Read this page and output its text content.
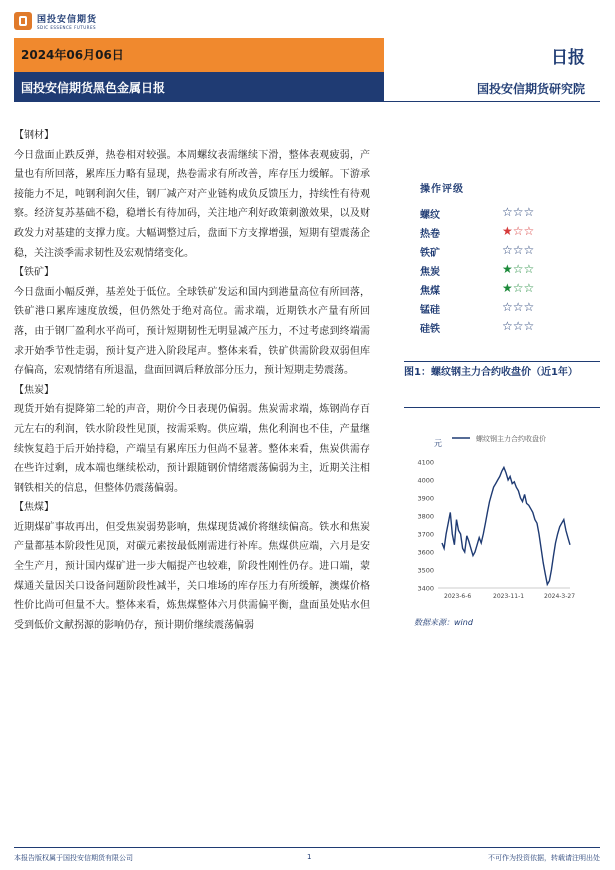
国投安信期货
SDIC ESSENCE FUTURES
2024年06月06日	日报
国投安信期货黑色金属日报	国投安信期货研究院
【钢材】

今日盘面止跌反弹，热卷相对较强。本周螺纹表需继续下滑，整体表观疲弱，产量也有所回落，累库压力略有显现，热卷需求有所改善，库存压力缓解。下游承接能力不足，吨钢利润欠佳，钢厂减产对产业链构成负反馈压力，持续性有待观察。经济复苏基础不稳，稳增长有待加码，关注地产利好政策刺激效果，以及财政发力对基建的支撑力度。大幅调整过后，盘面下方支撑增强，短期有望震荡企稳，关注淡季需求韧性及宏观情绪变化。

【铁矿】

今日盘面小幅反弹，基差处于低位。全球铁矿发运和国内到港量高位有所回落，铁矿港口累库速度放缓，但仍然处于绝对高位。需求端，近期铁水产量有所回落，由于钢厂盈利水平尚可，预计短期韧性无明显减产压力，不过考虑到终端需求开始季节性走弱，预计复产进入阶段尾声。整体来看，铁矿供需阶段双弱但库存偏高，宏观情绪有所退温，盘面回调后释放部分压力，预计短期走势震荡。

【焦炭】

现货开始有提降第二轮的声音，期价今日表现仍偏弱。焦炭需求端，炼钢尚存百元左右的利润，铁水阶段性见顶，按需采购。供应端，焦化利润也不佳，产量继续恢复趋于后开始持稳，产端呈有累库压力但尚不显著。整体来看，焦炭供需存在些许过剩，成本端也继续松动，预计跟随钢价情绪震荡偏弱为主，近期关注相钢铁相关的信息，但整体仍震荡偏弱。

【焦煤】

近期煤矿事故再出，但受焦炭弱势影响，焦煤现货减价将继续偏高。铁水和焦炭产量都基本阶段性见顶，对碳元素按最低刚需进行补库。焦煤供应端，六月是安全生产月，预计国内煤矿进一步大幅提产也较难，阶段性刚性仍存。进口端，蒙煤通关量因关口设备问题阶段性减半，关口堆场的库存压力有所缓解，澳煤价格性价比尚可但量不大。整体来看，炼焦煤整体六月供需偏平衡，盘面虽处贴水但受到低价文献拐源的影响仍存，预计期价继续震荡偏弱

操作评级
螺纹	☆☆☆
热卷	★☆☆
铁矿	☆☆☆
焦炭	★☆☆
焦煤	★☆☆
锰硅	☆☆☆
硅铁	☆☆☆
图1：螺纹钢主力合约收盘价（近1年）
螺纹钢主力合约收盘价
元
3400
3500
3600
3700
3800
3900
4000
4100
2023-6-6	2023-11-1	2024-3-27
数据来源：wind
本报告版权属于国投安信期货有限公司	1	不可作为投资依据，转载请注明出处
